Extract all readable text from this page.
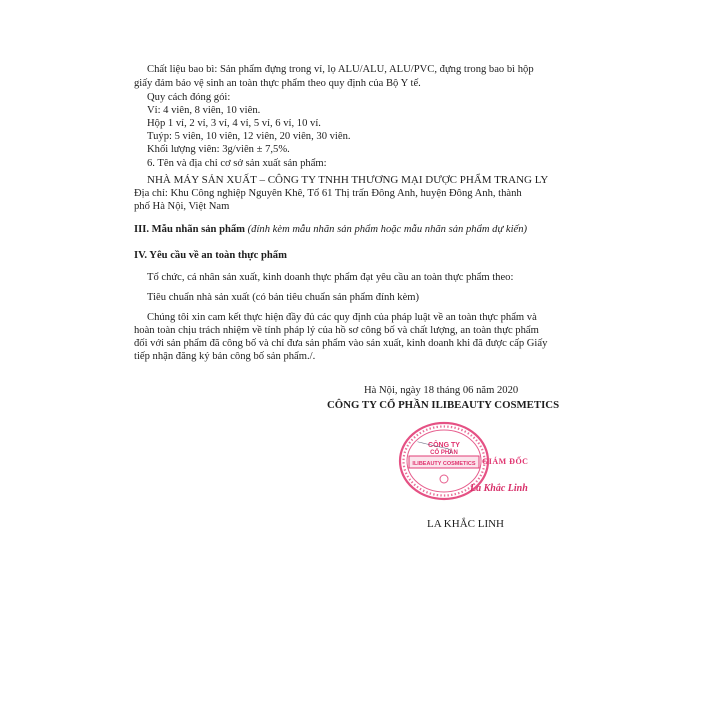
Chất liệu bao bì: Sản phẩm đựng trong vỉ, lọ ALU/ALU, ALU/PVC, đựng trong bao bì hộp
giấy đảm bảo vệ sinh an toàn thực phẩm theo quy định của Bộ Y tế.
Quy cách đóng gói:
Vỉ: 4 viên, 8 viên, 10 viên.
Hộp 1 vỉ, 2 vỉ, 3 vỉ, 4 vỉ, 5 vỉ, 6 vỉ, 10 vỉ.
Tuýp: 5 viên, 10 viên, 12 viên, 20 viên, 30 viên.
Khối lượng viên: 3g/viên ± 7,5%.
6. Tên và địa chỉ cơ sở sản xuất sản phẩm:
NHÀ MÁY SẢN XUẤT – CÔNG TY TNHH THƯƠNG MẠI DƯỢC PHẨM TRANG LY
Địa chỉ: Khu Công nghiệp Nguyên Khê, Tổ 61 Thị trấn Đông Anh, huyện Đông Anh, thành
phố Hà Nội, Việt Nam
III. Mẫu nhãn sản phẩm (đính kèm mẫu nhãn sản phẩm hoặc mẫu nhãn sản phẩm dự kiến)
IV. Yêu cầu về an toàn thực phẩm
Tổ chức, cá nhân sản xuất, kinh doanh thực phẩm đạt yêu cầu an toàn thực phẩm theo:
Tiêu chuẩn nhà sản xuất (có bản tiêu chuẩn sản phẩm đính kèm)
Chúng tôi xin cam kết thực hiện đầy đủ các quy định của pháp luật về an toàn thực phẩm và
hoàn toàn chịu trách nhiệm về tính pháp lý của hồ sơ công bố và chất lượng, an toàn thực phẩm
đối với sản phẩm đã công bố và chỉ đưa sản phẩm vào sản xuất, kinh doanh khi đã được cấp Giấy
tiếp nhận đăng ký bản công bố sản phẩm./.
Hà Nội, ngày 18 tháng 06 năm 2020
CÔNG TY CỔ PHẦN ILIBEAUTY COSMETICS
CÔNG TY
CỔ PHẦN
ILIBEAUTY COSMETICS GIÁM ĐỐC
La Khắc Linh
LA KHẮC LINH
